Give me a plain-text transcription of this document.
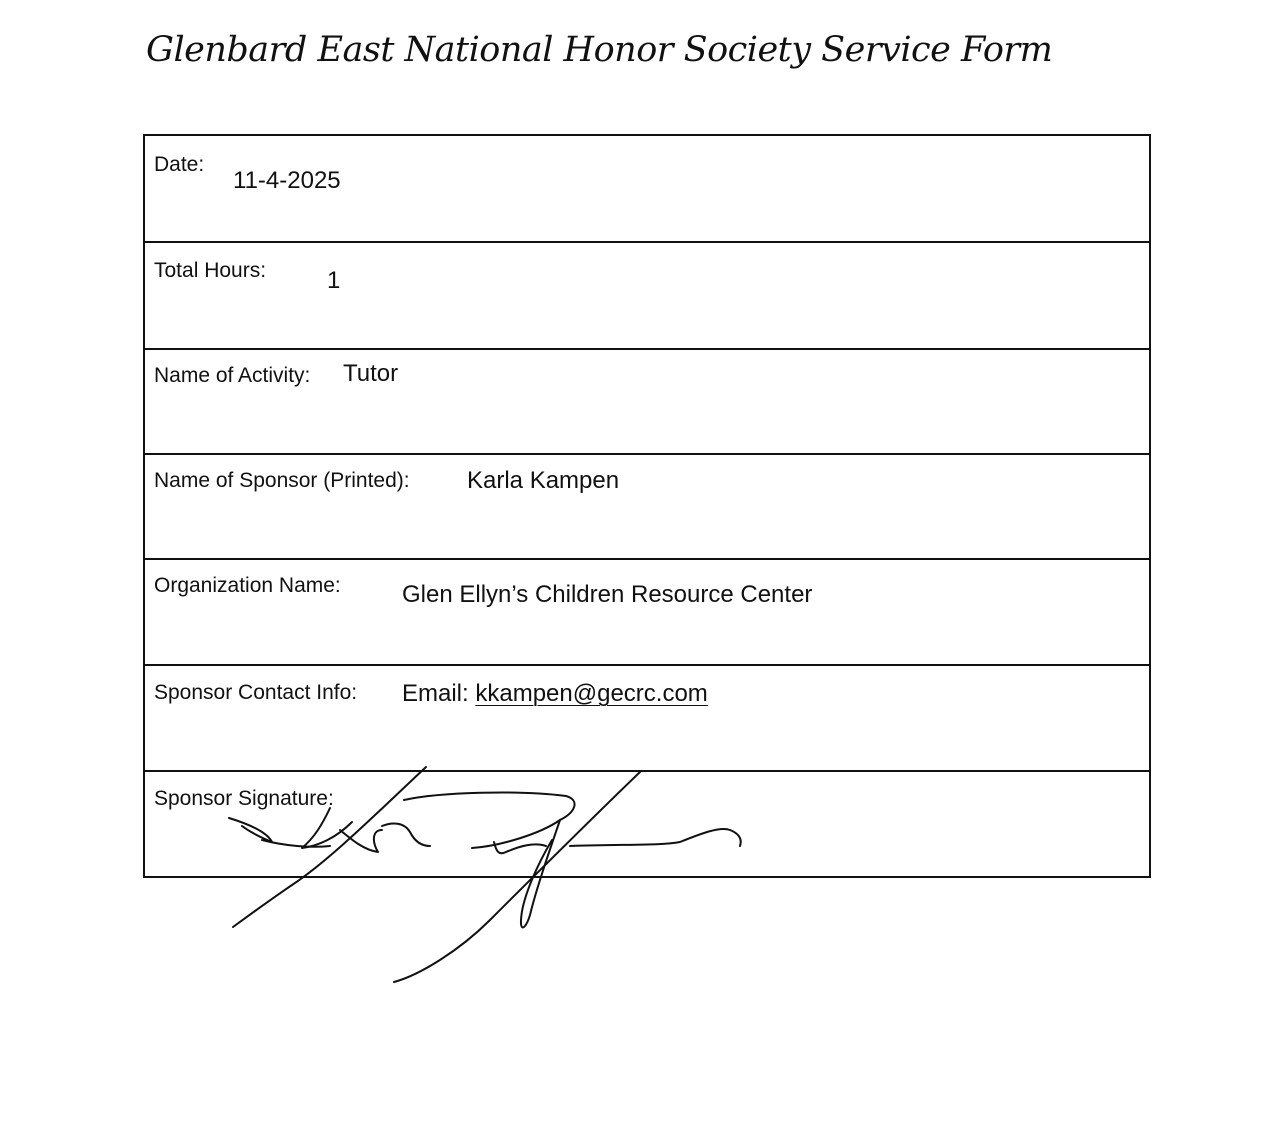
Glenbard East National Honor Society Service Form
Date:
11-4-2025
Total Hours:	1
Name of Activity: Tutor
Name of Sponsor (Printed): Karla Kampen
Organization Name:	Glen Ellyn’s Children Resource Center
Sponsor Contact Info: Email: kkampen@gecrc.com
Sponsor Signature:
